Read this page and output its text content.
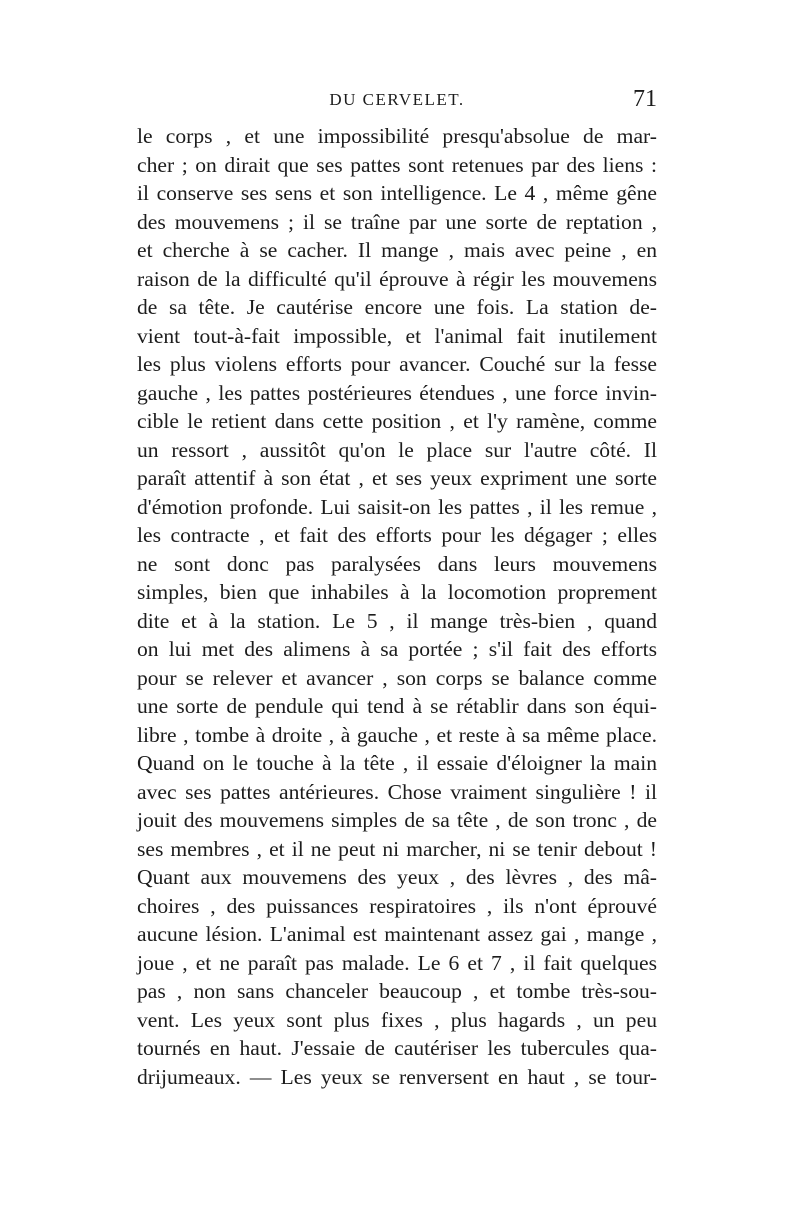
DU CERVELET.	71
le corps , et une impossibilité presqu'absolue de mar-
cher ; on dirait que ses pattes sont retenues par des liens :
il conserve ses sens et son intelligence. Le 4 , même gêne
des mouvemens ; il se traîne par une sorte de reptation ,
et cherche à se cacher. Il mange , mais avec peine , en
raison de la difficulté qu'il éprouve à régir les mouvemens
de sa tête. Je cautérise encore une fois. La station de-
vient tout-à-fait impossible, et l'animal fait inutilement
les plus violens efforts pour avancer. Couché sur la fesse
gauche , les pattes postérieures étendues , une force invin-
cible le retient dans cette position , et l'y ramène, comme
un ressort , aussitôt qu'on le place sur l'autre côté. Il
paraît attentif à son état , et ses yeux expriment une sorte
d'émotion profonde. Lui saisit-on les pattes , il les remue ,
les contracte , et fait des efforts pour les dégager ; elles
ne sont donc pas paralysées dans leurs mouvemens
simples, bien que inhabiles à la locomotion proprement
dite et à la station. Le 5 , il mange très-bien , quand
on lui met des alimens à sa portée ; s'il fait des efforts
pour se relever et avancer , son corps se balance comme
une sorte de pendule qui tend à se rétablir dans son équi-
libre , tombe à droite , à gauche , et reste à sa même place.
Quand on le touche à la tête , il essaie d'éloigner la main
avec ses pattes antérieures. Chose vraiment singulière ! il
jouit des mouvemens simples de sa tête , de son tronc , de
ses membres , et il ne peut ni marcher, ni se tenir debout !
Quant aux mouvemens des yeux , des lèvres , des mâ-
choires , des puissances respiratoires , ils n'ont éprouvé
aucune lésion. L'animal est maintenant assez gai , mange ,
joue , et ne paraît pas malade. Le 6 et 7 , il fait quelques
pas , non sans chanceler beaucoup , et tombe très-sou-
vent. Les yeux sont plus fixes , plus hagards , un peu
tournés en haut. J'essaie de cautériser les tubercules qua-
drijumeaux. — Les yeux se renversent en haut , se tour-
